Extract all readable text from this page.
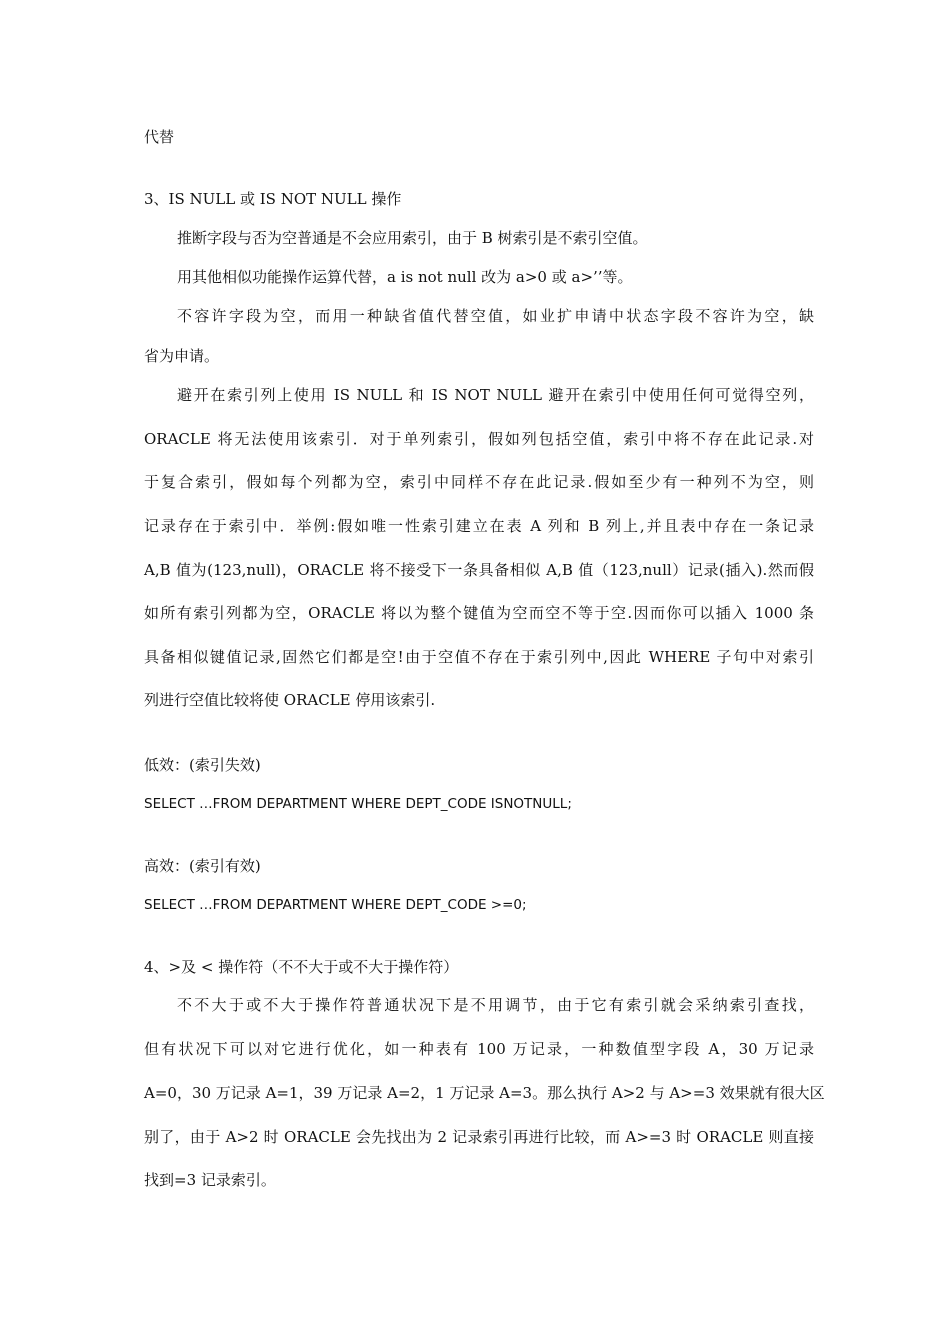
代替
3、IS NULL 或 IS NOT NULL 操作
推断字段与否为空普通是不会应用索引，由于 B 树索引是不索引空值。
用其他相似功能操作运算代替，a is not null 改为 a>0 或 a>’’等。
不容许字段为空，而用一种缺省值代替空值，如业扩申请中状态字段不容许为空，缺
省为申请。
避开在索引列上使用 IS NULL 和 IS NOT NULL 避开在索引中使用任何可觉得空列，
ORACLE 将无法使用该索引．对于单列索引，假如列包括空值，索引中将不存在此记录.对
于复合索引，假如每个列都为空，索引中同样不存在此记录.假如至少有一种列不为空，则
记录存在于索引中．举例:假如唯一性索引建立在表 A 列和 B 列上,并且表中存在一条记录
A,B 值为(123,null)，ORACLE 将不接受下一条具备相似 A,B 值（123,null）记录(插入).然而假
如所有索引列都为空，ORACLE 将以为整个键值为空而空不等于空.因而你可以插入 1000 条
具备相似键值记录,固然它们都是空!由于空值不存在于索引列中,因此 WHERE 子句中对索引
列进行空值比较将使 ORACLE 停用该索引.
低效：(索引失效)
SELECT …FROM DEPARTMENT WHERE DEPT_CODE ISNOTNULL;
高效：(索引有效)
SELECT …FROM DEPARTMENT WHERE DEPT_CODE >=0;
4、>及 < 操作符（不不大于或不大于操作符）
不不大于或不大于操作符普通状况下是不用调节，由于它有索引就会采纳索引查找，
但有状况下可以对它进行优化，如一种表有 100 万记录，一种数值型字段 A，30 万记录
A=0，30 万记录 A=1，39 万记录 A=2，1 万记录 A=3。那么执行 A>2 与 A>=3 效果就有很大区
别了，由于 A>2 时 ORACLE 会先找出为 2 记录索引再进行比较，而 A>=3 时 ORACLE 则直接
找到=3 记录索引。
